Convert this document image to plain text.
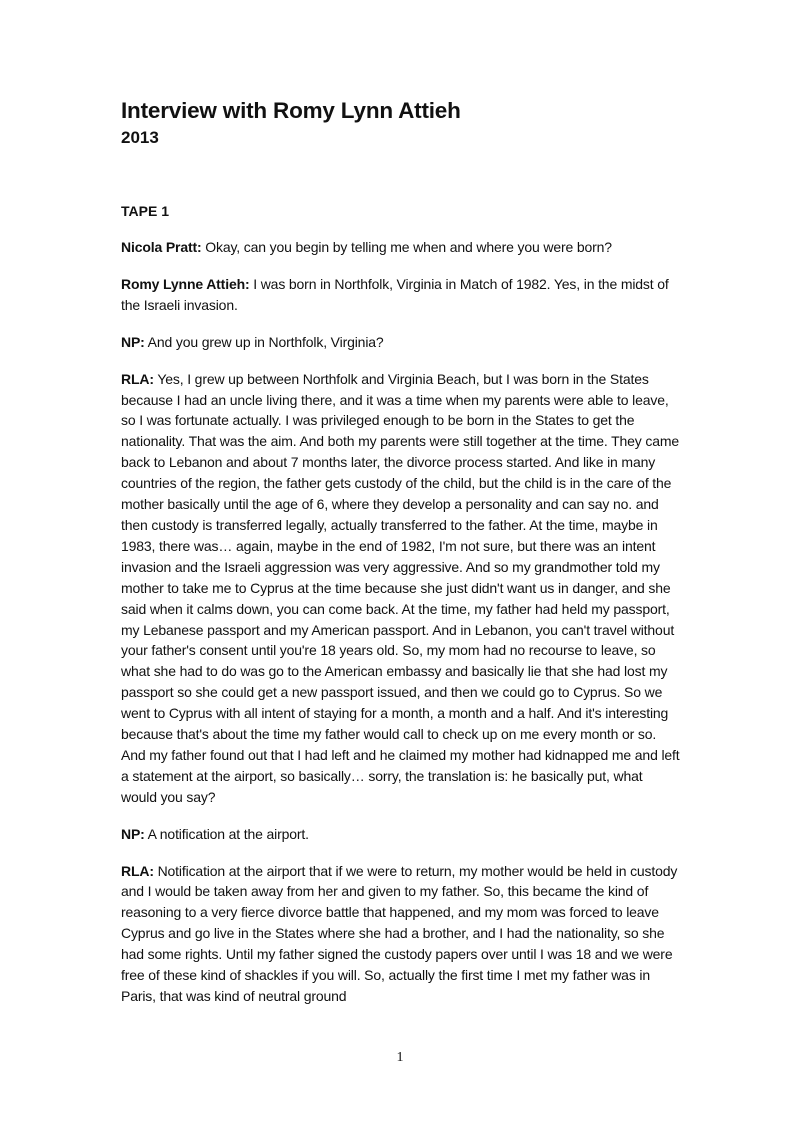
Interview with Romy Lynn Attieh
2013
TAPE 1

Nicola Pratt: Okay, can you begin by telling me when and where you were born?

Romy Lynne Attieh: I was born in Northfolk, Virginia in Match of 1982. Yes, in the midst of the Israeli invasion.

NP: And you grew up in Northfolk, Virginia?

RLA: Yes, I grew up between Northfolk and Virginia Beach, but I was born in the States because I had an uncle living there, and it was a time when my parents were able to leave, so I was fortunate actually. I was privileged enough to be born in the States to get the nationality. That was the aim. And both my parents were still together at the time. They came back to Lebanon and about 7 months later, the divorce process started. And like in many countries of the region, the father gets custody of the child, but the child is in the care of the mother basically until the age of 6, where they develop a personality and can say no. and then custody is transferred legally, actually transferred to the father. At the time, maybe in 1983, there was… again, maybe in the end of 1982, I'm not sure, but there was an intent invasion and the Israeli aggression was very aggressive. And so my grandmother told my mother to take me to Cyprus at the time because she just didn't want us in danger, and she said when it calms down, you can come back. At the time, my father had held my passport, my Lebanese passport and my American passport. And in Lebanon, you can't travel without your father's consent until you're 18 years old. So, my mom had no recourse to leave, so what she had to do was go to the American embassy and basically lie that she had lost my passport so she could get a new passport issued, and then we could go to Cyprus. So we went to Cyprus with all intent of staying for a month, a month and a half. And it's interesting because that's about the time my father would call to check up on me every month or so. And my father found out that I had left and he claimed my mother had kidnapped me and left a statement at the airport, so basically… sorry, the translation is: he basically put, what would you say?

NP: A notification at the airport.

RLA: Notification at the airport that if we were to return, my mother would be held in custody and I would be taken away from her and given to my father. So, this became the kind of reasoning to a very fierce divorce battle that happened, and my mom was forced to leave Cyprus and go live in the States where she had a brother, and I had the nationality, so she had some rights. Until my father signed the custody papers over until I was 18 and we were free of these kind of shackles if you will. So, actually the first time I met my father was in Paris, that was kind of neutral ground

1
